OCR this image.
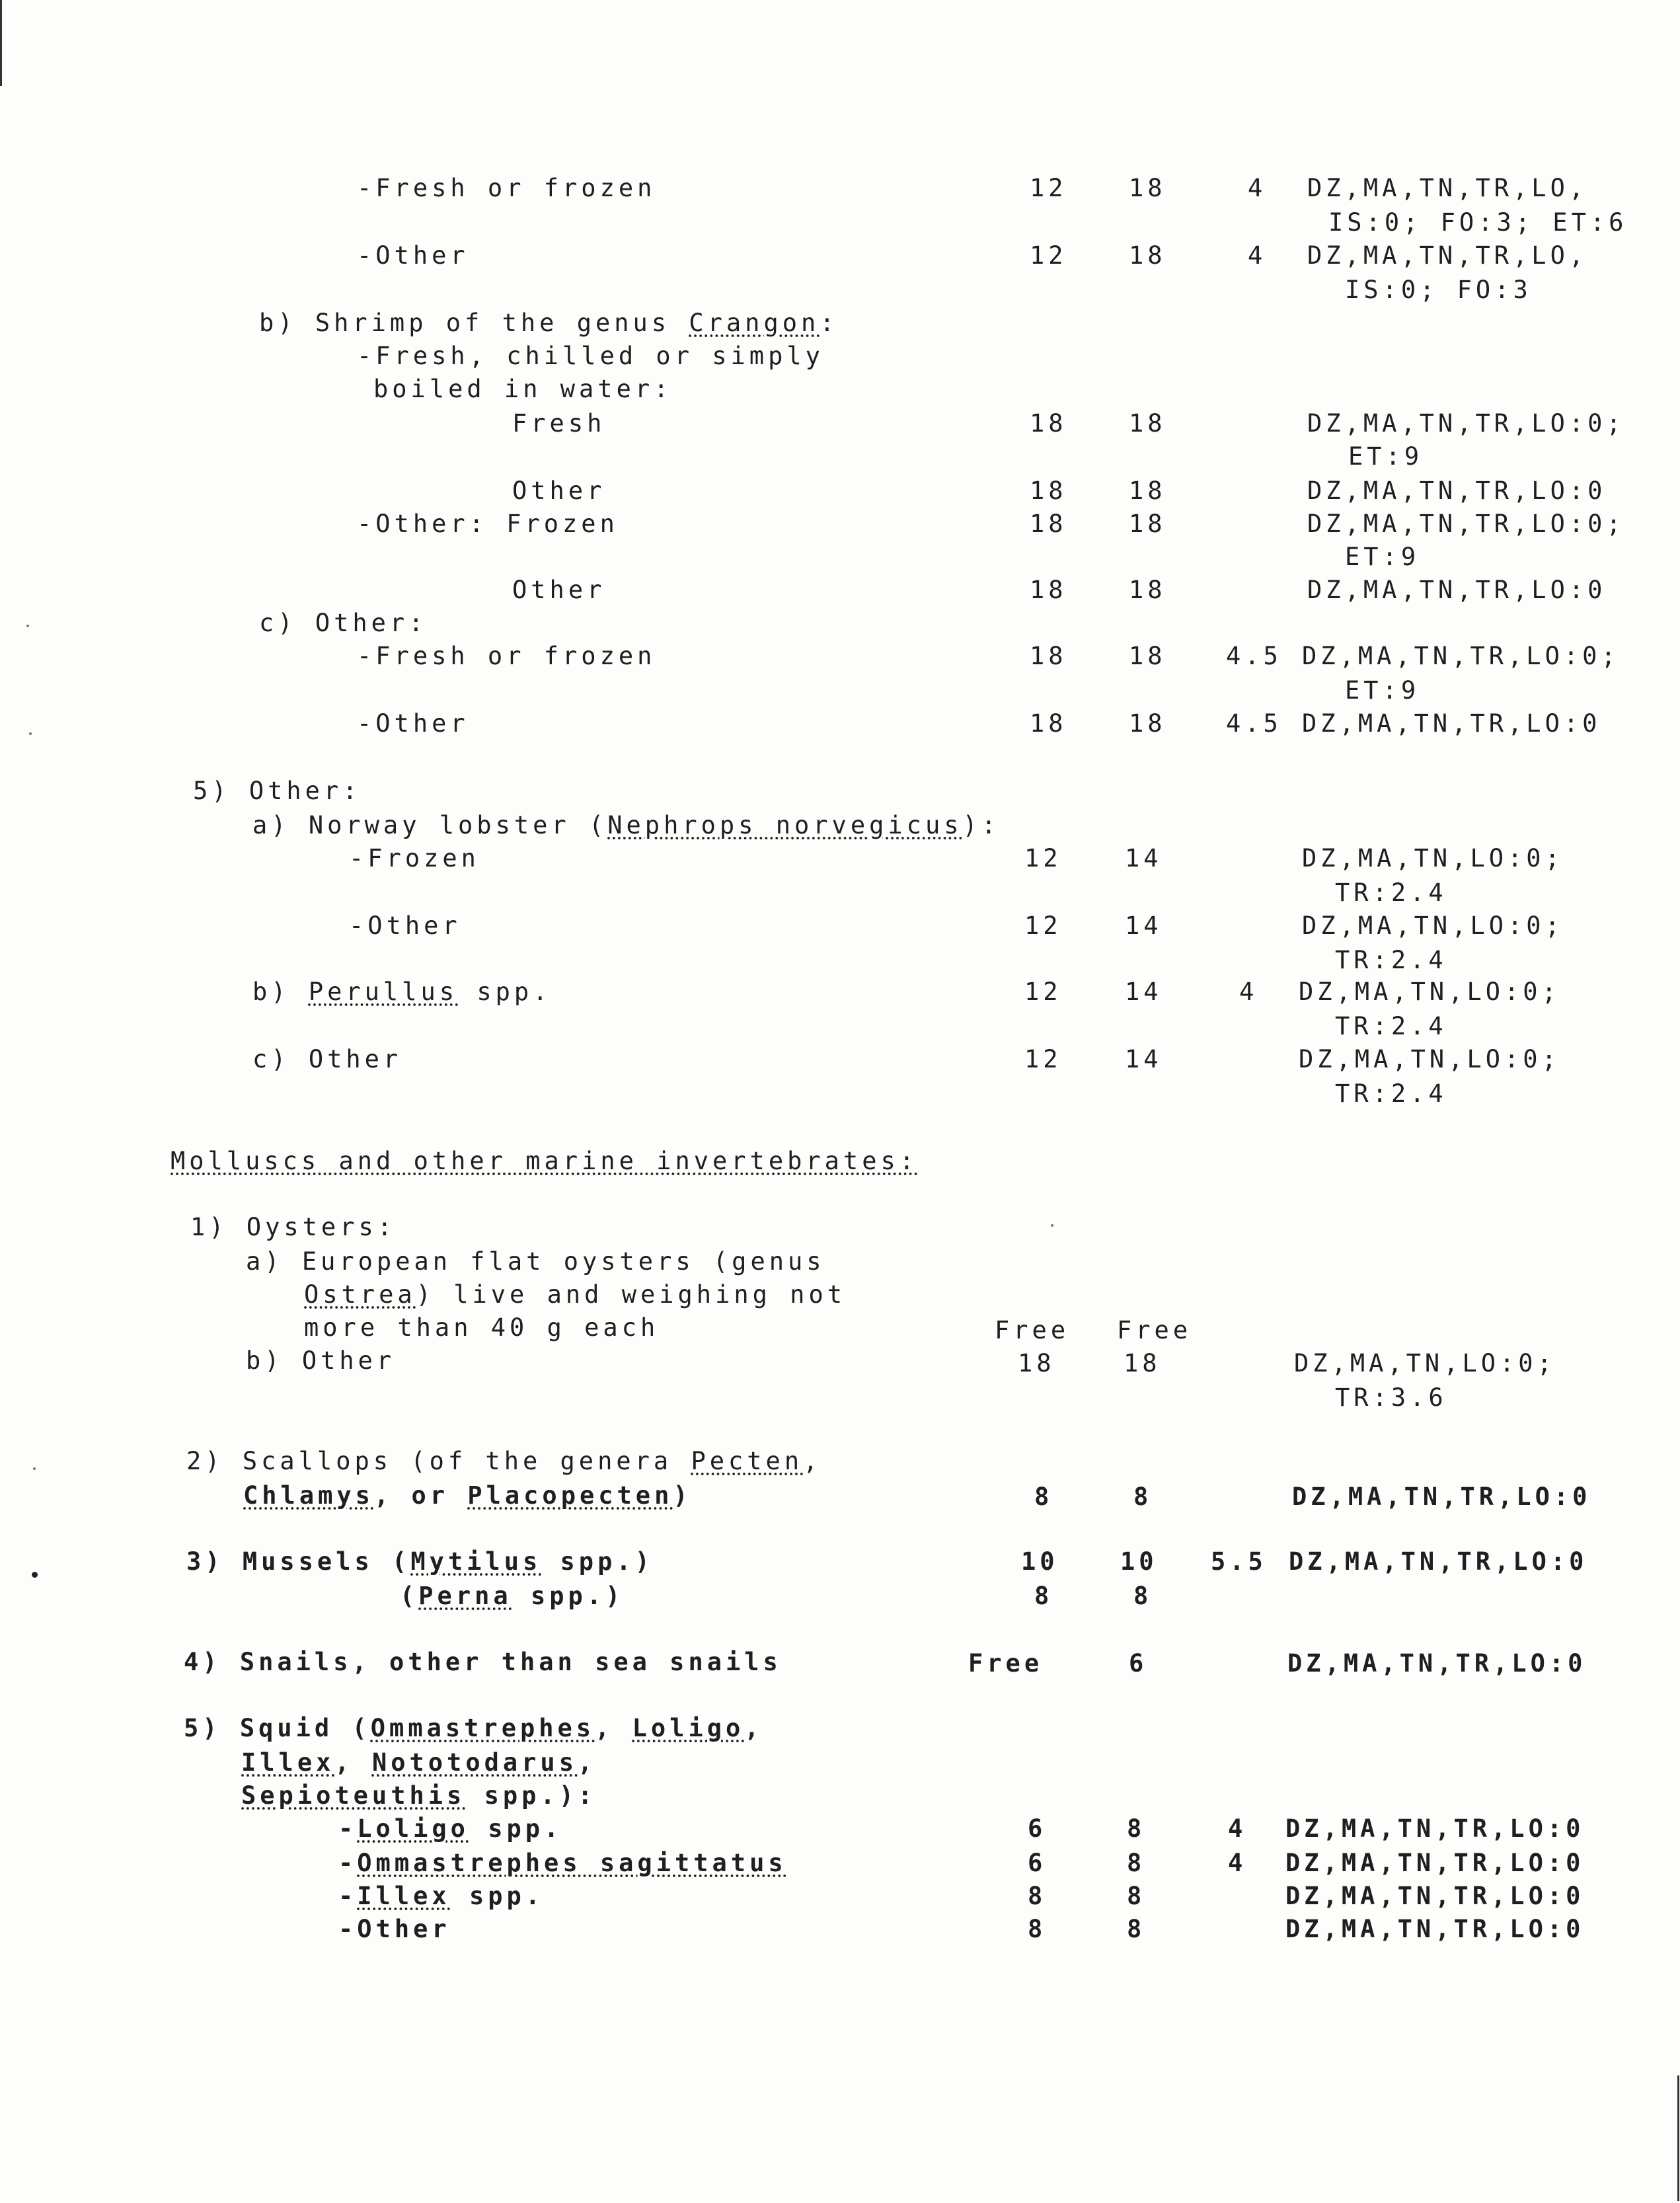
-Fresh or frozen	12	18	4 DZ,MA,TN,TR,LO,
IS:0; FO:3; ET:6
-Other	12	18	4 DZ,MA,TN,TR,LO,
IS:0; FO:3
b) Shrimp of the genus Crangon:
-Fresh, chilled or simply
boiled in water:
Fresh	18	18	DZ,MA,TN,TR,LO:0;
ET:9
Other	18	18	DZ,MA,TN,TR,LO:0
-Other: Frozen	18	18	DZ,MA,TN,TR,LO:0;
ET:9
Other	18	18	DZ,MA,TN,TR,LO:0
c) Other:
-Fresh or frozen	18	18 4.5 DZ,MA,TN,TR,LO:0;
ET:9
-Other	18	18 4.5 DZ,MA,TN,TR,LO:0
5) Other:
a) Norway lobster (Nephrops norvegicus):
-Frozen	12	14	DZ,MA,TN,LO:0;
TR:2.4
-Other	12	14	DZ,MA,TN,LO:0;
TR:2.4
b) Perullus spp.	12	14	4 DZ,MA,TN,LO:0;
TR:2.4
c) Other	12	14	DZ,MA,TN,LO:0;
TR:2.4
Molluscs and other marine invertebrates:
1) Oysters:
a) European flat oysters (genus
Ostrea) live and weighing not
more than 40 g each	Free Free
b) Other	18	18	DZ,MA,TN,LO:0;
TR:3.6
2) Scallops (of the genera Pecten,
Chlamys, or Placopecten)	8	8	DZ,MA,TN,TR,LO:0
3) Mussels (Mytilus spp.)	10	10 5.5 DZ,MA,TN,TR,LO:0
(Perna spp.)	8	8
4) Snails, other than sea snails	Free	6	DZ,MA,TN,TR,LO:0
5) Squid (Ommastrephes, Loligo,
Illex, Nototodarus,
Sepioteuthis spp.):
-Loligo spp.	6	8	4 DZ,MA,TN,TR,LO:0
-Ommastrephes sagittatus	6	8	4 DZ,MA,TN,TR,LO:0
-Illex spp.	8	8	DZ,MA,TN,TR,LO:0
-Other	8	8	DZ,MA,TN,TR,LO:0
